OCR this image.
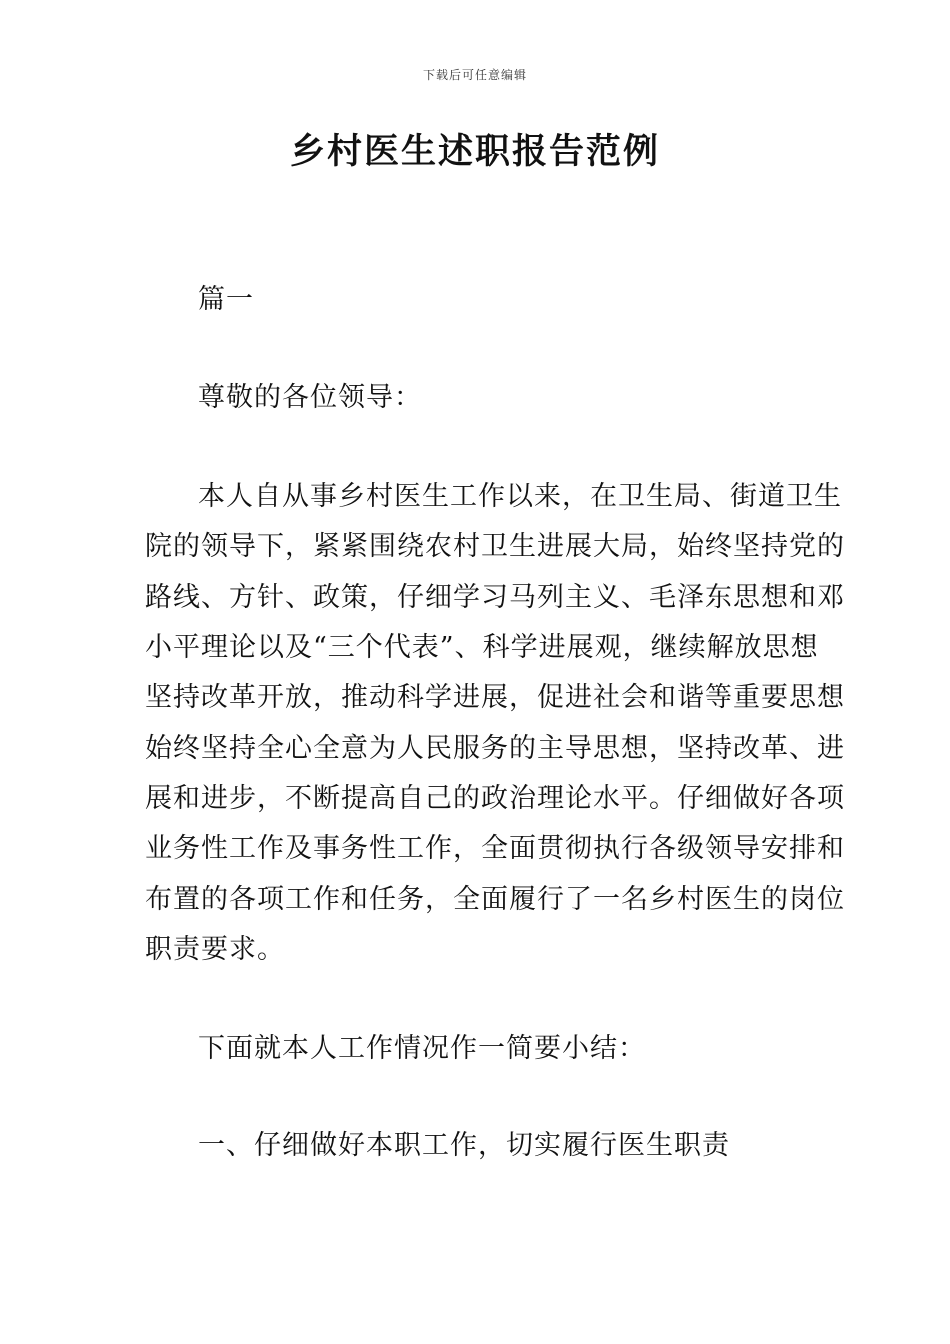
下载后可任意编辑
乡村医生述职报告范例
篇一
尊敬的各位领导：
本人自从事乡村医生工作以来，在卫生局、街道卫生
院的领导下，紧紧围绕农村卫生进展大局，始终坚持党的
路线、方针、政策，仔细学习马列主义、毛泽东思想和邓
小平理论以及“三个代表”、科学进展观，继续解放思想
坚持改革开放，推动科学进展，促进社会和谐等重要思想
始终坚持全心全意为人民服务的主导思想，坚持改革、进
展和进步，不断提高自己的政治理论水平。仔细做好各项
业务性工作及事务性工作，全面贯彻执行各级领导安排和
布置的各项工作和任务，全面履行了一名乡村医生的岗位
职责要求。
下面就本人工作情况作一简要小结：
一、仔细做好本职工作，切实履行医生职责
